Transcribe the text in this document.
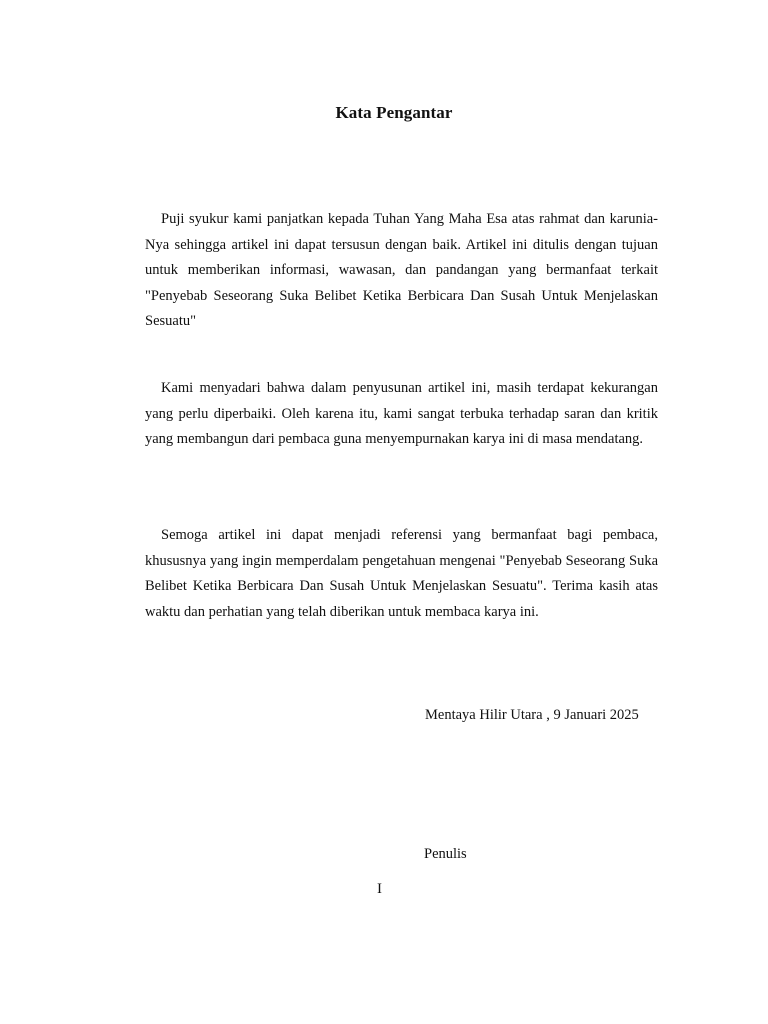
Kata Pengantar

Puji syukur kami panjatkan kepada Tuhan Yang Maha Esa atas rahmat dan karunia-Nya sehingga artikel ini dapat tersusun dengan baik. Artikel ini ditulis dengan tujuan untuk memberikan informasi, wawasan, dan pandangan yang bermanfaat terkait "Penyebab Seseorang Suka Belibet Ketika Berbicara Dan Susah Untuk Menjelaskan Sesuatu"

Kami menyadari bahwa dalam penyusunan artikel ini, masih terdapat kekurangan yang perlu diperbaiki. Oleh karena itu, kami sangat terbuka terhadap saran dan kritik yang membangun dari pembaca guna menyempurnakan karya ini di masa mendatang.

Semoga artikel ini dapat menjadi referensi yang bermanfaat bagi pembaca, khususnya yang ingin memperdalam pengetahuan mengenai "Penyebab Seseorang Suka Belibet Ketika Berbicara Dan Susah Untuk Menjelaskan Sesuatu". Terima kasih atas waktu dan perhatian yang telah diberikan untuk membaca karya ini.

Mentaya Hilir Utara , 9 Januari 2025
Penulis
I
